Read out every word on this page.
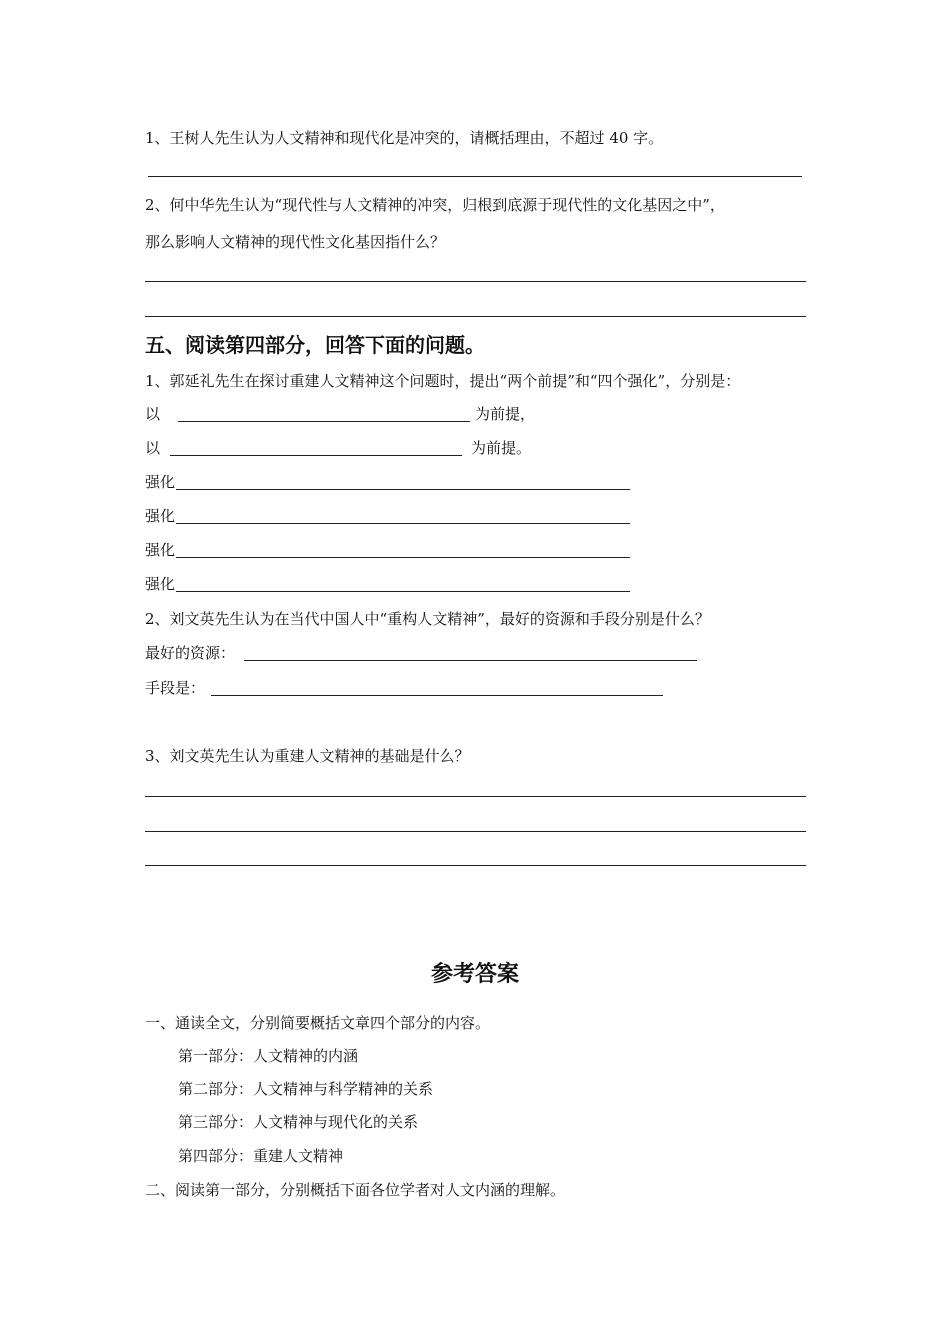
1、王树人先生认为人文精神和现代化是冲突的，请概括理由，不超过 40 字。
2、何中华先生认为“现代性与人文精神的冲突，归根到底源于现代性的文化基因之中”，
那么影响人文精神的现代性文化基因指什么？
五、阅读第四部分，回答下面的问题。
1、郭延礼先生在探讨重建人文精神这个问题时，提出“两个前提”和“四个强化”，分别是：
以	为前提，
以	为前提。
强化
强化
强化
强化
2、刘文英先生认为在当代中国人中“重构人文精神”，最好的资源和手段分别是什么？
最好的资源：
手段是：
3、刘文英先生认为重建人文精神的基础是什么？
参考答案
一、通读全文，分别简要概括文章四个部分的内容。
第一部分：人文精神的内涵
第二部分：人文精神与科学精神的关系
第三部分：人文精神与现代化的关系
第四部分：重建人文精神
二、阅读第一部分，分别概括下面各位学者对人文内涵的理解。
